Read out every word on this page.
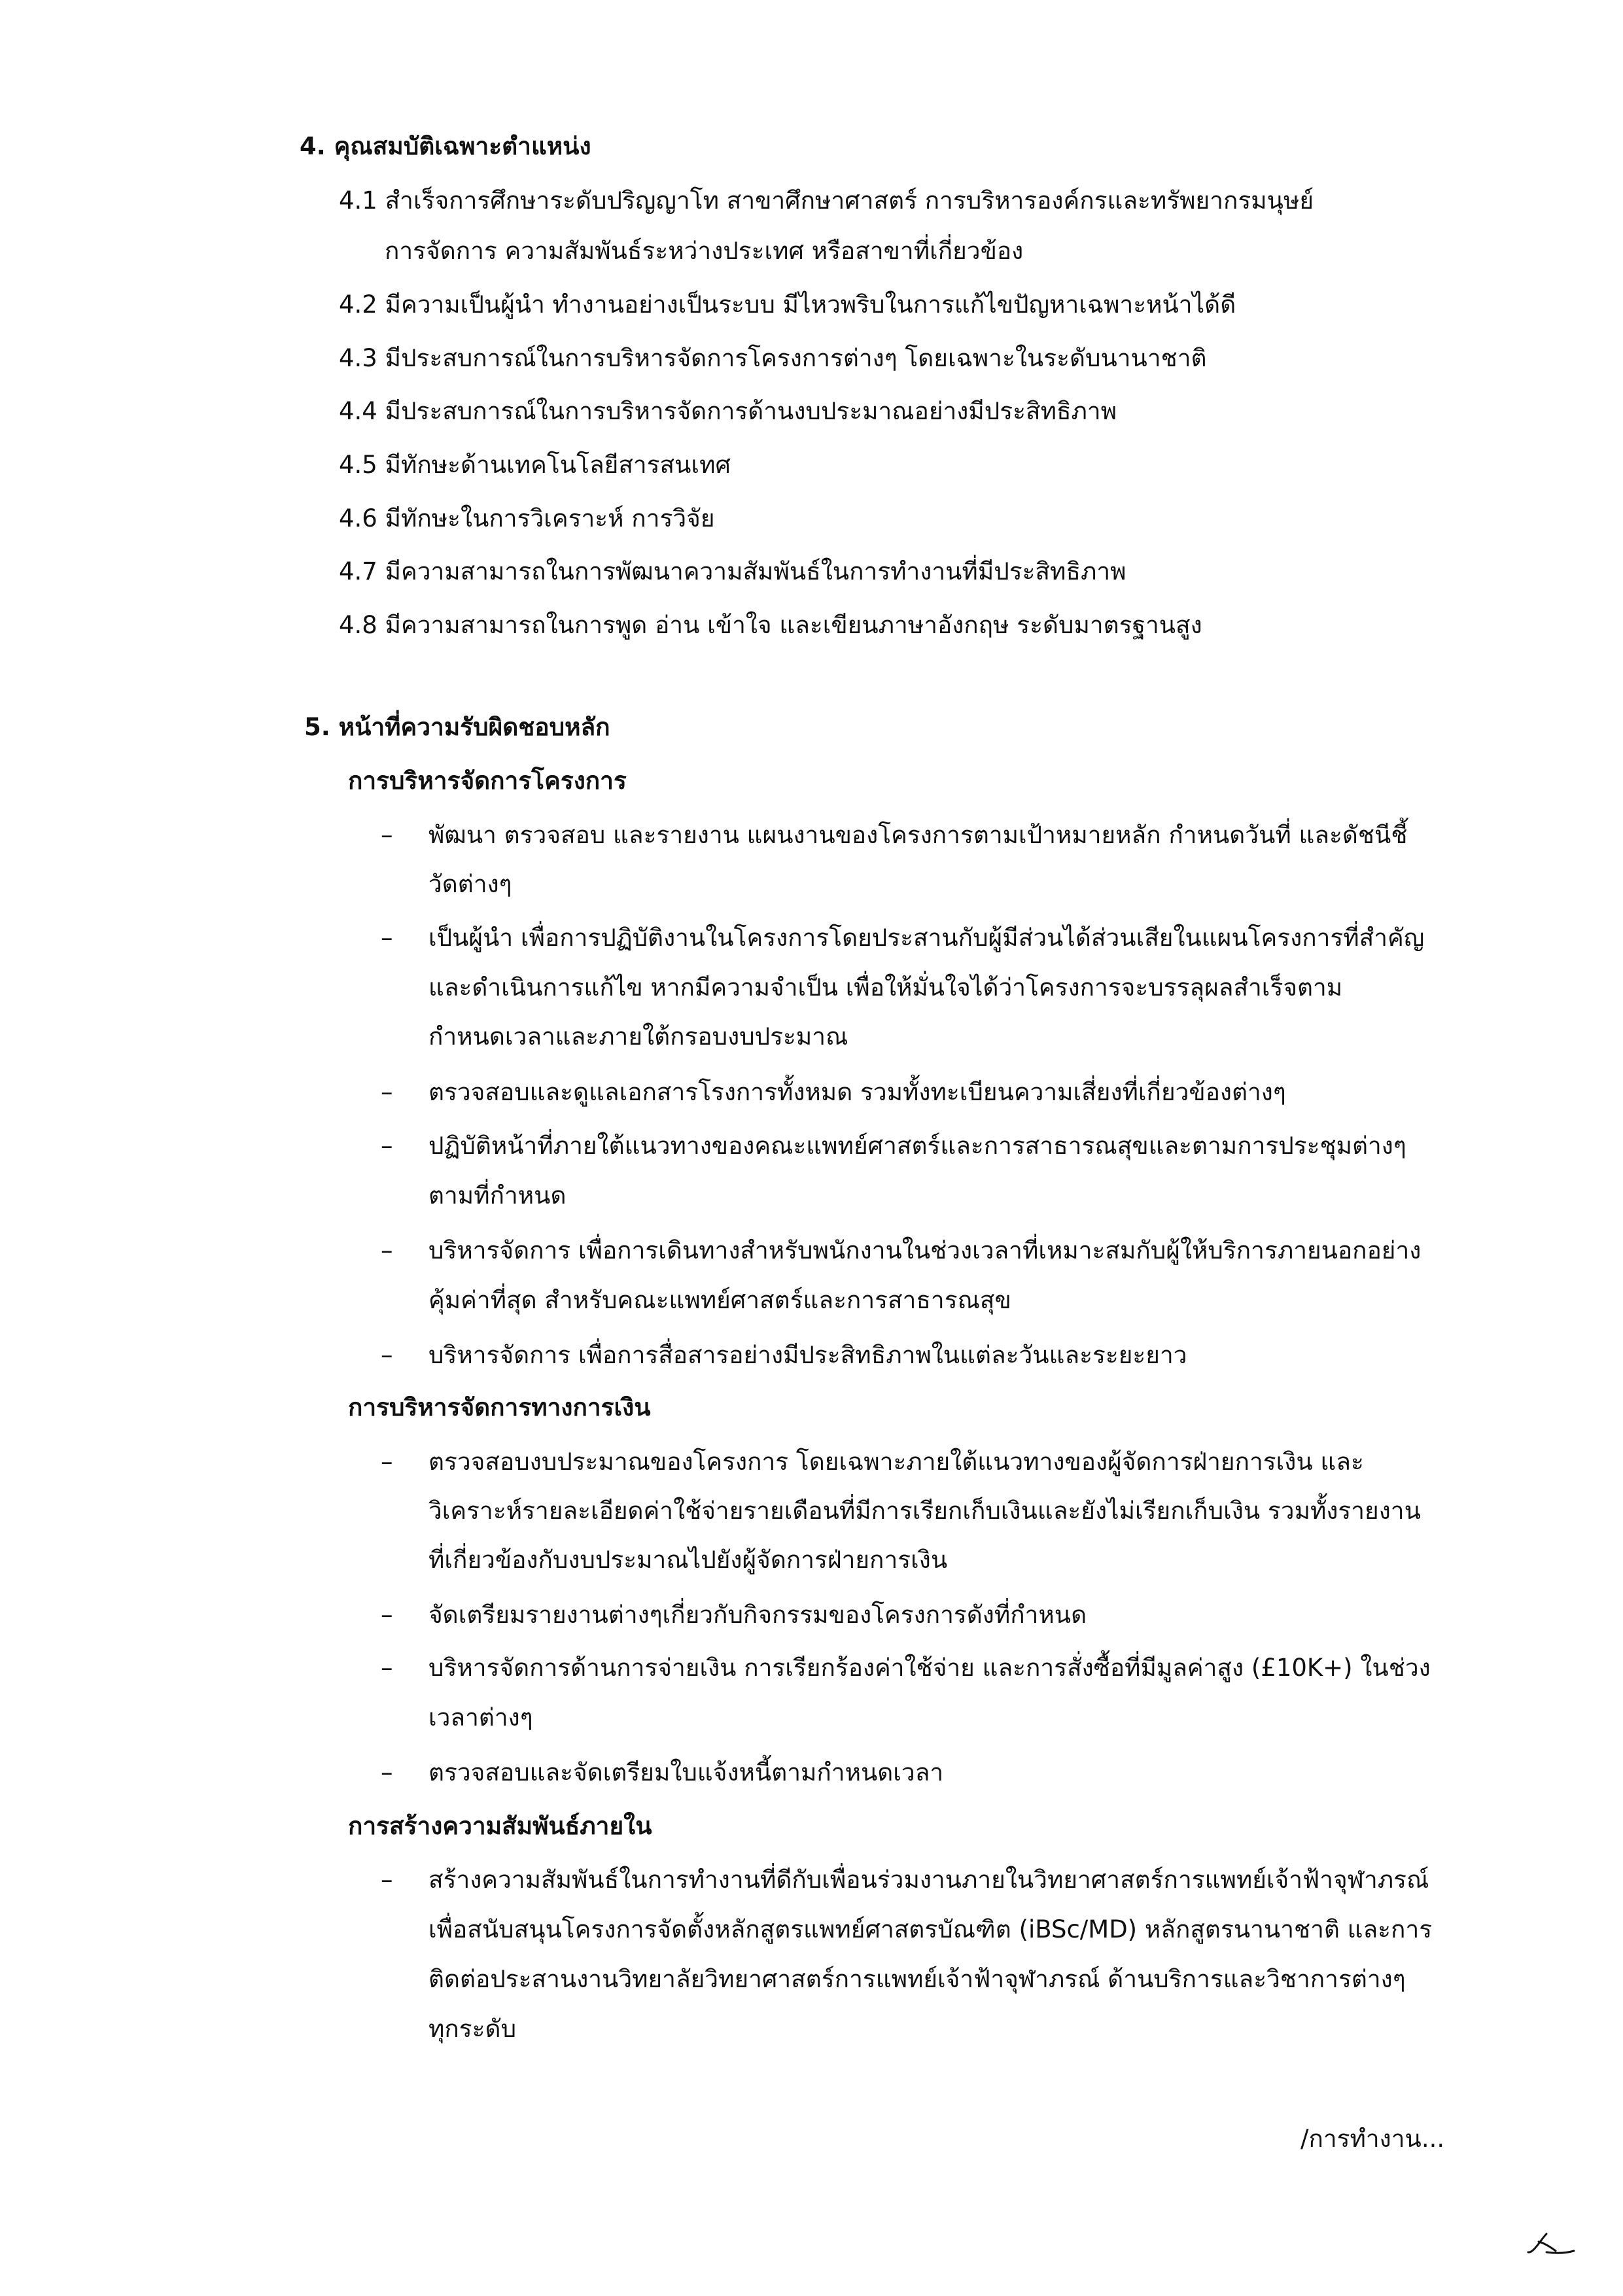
4. คุณสมบัติเฉพาะตำแหน่ง
4.1 สำเร็จการศึกษาระดับปริญญาโท สาขาศึกษาศาสตร์ การบริหารองค์กรและทรัพยากรมนุษย์
การจัดการ ความสัมพันธ์ระหว่างประเทศ หรือสาขาที่เกี่ยวข้อง
4.2 มีความเป็นผู้นำ ทำงานอย่างเป็นระบบ มีไหวพริบในการแก้ไขปัญหาเฉพาะหน้าได้ดี
4.3 มีประสบการณ์ในการบริหารจัดการโครงการต่างๆ โดยเฉพาะในระดับนานาชาติ
4.4 มีประสบการณ์ในการบริหารจัดการด้านงบประมาณอย่างมีประสิทธิภาพ
4.5 มีทักษะด้านเทคโนโลยีสารสนเทศ
4.6 มีทักษะในการวิเคราะห์ การวิจัย
4.7 มีความสามารถในการพัฒนาความสัมพันธ์ในการทำงานที่มีประสิทธิภาพ
4.8 มีความสามารถในการพูด อ่าน เข้าใจ และเขียนภาษาอังกฤษ ระดับมาตรฐานสูง
5. หน้าที่ความรับผิดชอบหลัก
การบริหารจัดการโครงการ
– พัฒนา ตรวจสอบ และรายงาน แผนงานของโครงการตามเป้าหมายหลัก กำหนดวันที่ และดัชนีชี้
วัดต่างๆ
– เป็นผู้นำ เพื่อการปฏิบัติงานในโครงการโดยประสานกับผู้มีส่วนได้ส่วนเสียในแผนโครงการที่สำคัญ
และดำเนินการแก้ไข หากมีความจำเป็น เพื่อให้มั่นใจได้ว่าโครงการจะบรรลุผลสำเร็จตาม
กำหนดเวลาและภายใต้กรอบงบประมาณ
– ตรวจสอบและดูแลเอกสารโรงการทั้งหมด รวมทั้งทะเบียนความเสี่ยงที่เกี่ยวข้องต่างๆ
– ปฏิบัติหน้าที่ภายใต้แนวทางของคณะแพทย์ศาสตร์และการสาธารณสุขและตามการประชุมต่างๆ
ตามที่กำหนด
– บริหารจัดการ เพื่อการเดินทางสำหรับพนักงานในช่วงเวลาที่เหมาะสมกับผู้ให้บริการภายนอกอย่าง
คุ้มค่าที่สุด สำหรับคณะแพทย์ศาสตร์และการสาธารณสุข
– บริหารจัดการ เพื่อการสื่อสารอย่างมีประสิทธิภาพในแต่ละวันและระยะยาว
การบริหารจัดการทางการเงิน
– ตรวจสอบงบประมาณของโครงการ โดยเฉพาะภายใต้แนวทางของผู้จัดการฝ่ายการเงิน และ
วิเคราะห์รายละเอียดค่าใช้จ่ายรายเดือนที่มีการเรียกเก็บเงินและยังไม่เรียกเก็บเงิน รวมทั้งรายงาน
ที่เกี่ยวข้องกับงบประมาณไปยังผู้จัดการฝ่ายการเงิน
– จัดเตรียมรายงานต่างๆเกี่ยวกับกิจกรรมของโครงการดังที่กำหนด
– บริหารจัดการด้านการจ่ายเงิน การเรียกร้องค่าใช้จ่าย และการสั่งซื้อที่มีมูลค่าสูง (£10K+) ในช่วง
เวลาต่างๆ
– ตรวจสอบและจัดเตรียมใบแจ้งหนี้ตามกำหนดเวลา
การสร้างความสัมพันธ์ภายใน
– สร้างความสัมพันธ์ในการทำงานที่ดีกับเพื่อนร่วมงานภายในวิทยาศาสตร์การแพทย์เจ้าฟ้าจุฬาภรณ์
เพื่อสนับสนุนโครงการจัดตั้งหลักสูตรแพทย์ศาสตรบัณฑิต (iBSc/MD) หลักสูตรนานาชาติ และการ
ติดต่อประสานงานวิทยาลัยวิทยาศาสตร์การแพทย์เจ้าฟ้าจุฬาภรณ์ ด้านบริการและวิชาการต่างๆ
ทุกระดับ
/การทำงาน...
